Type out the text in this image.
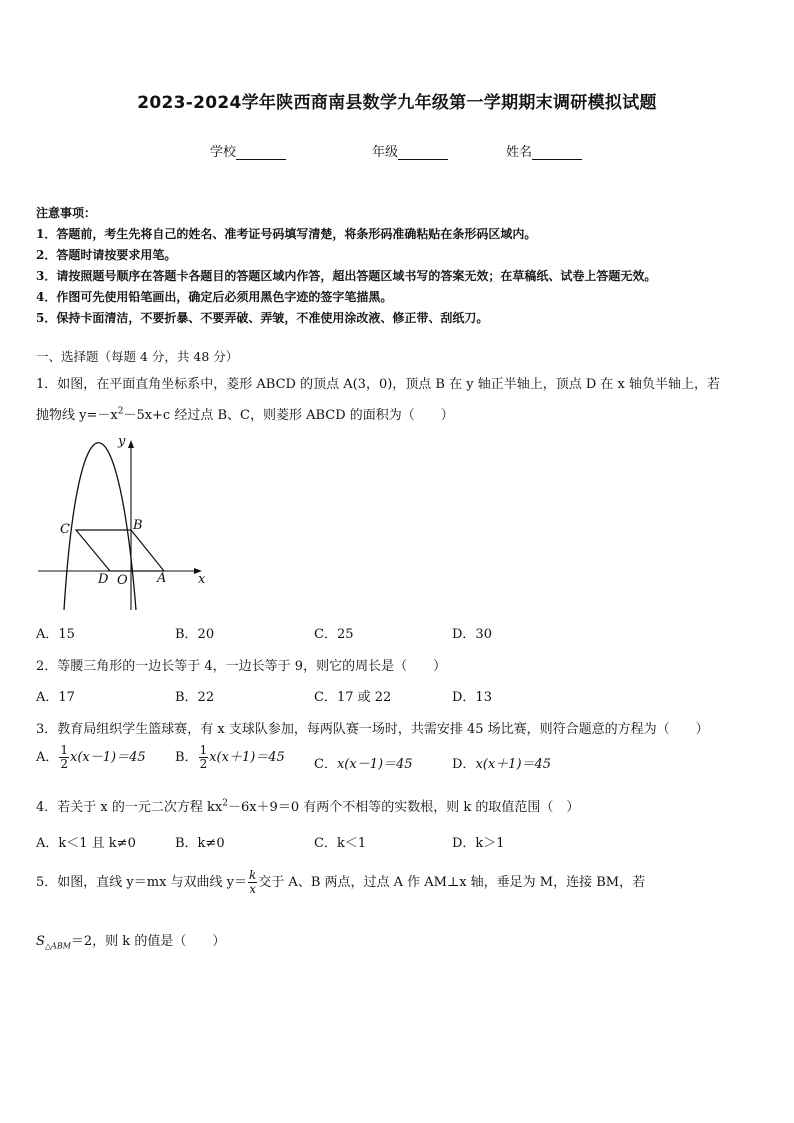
2023-2024学年陕西商南县数学九年级第一学期期末调研模拟试题
学校	年级	姓名
注意事项：
1．答题前，考生先将自己的姓名、准考证号码填写清楚，将条形码准确粘贴在条形码区域内。
2．答题时请按要求用笔。
3．请按照题号顺序在答题卡各题目的答题区域内作答，超出答题区域书写的答案无效；在草稿纸、试卷上答题无效。
4．作图可先使用铅笔画出，确定后必须用黑色字迹的签字笔描黑。
5．保持卡面清洁，不要折暴、不要弄破、弄皱，不准使用涂改液、修正带、刮纸刀。
一、选择题（每题 4 分，共 48 分）
1．如图，在平面直角坐标系中，菱形 ABCD 的顶点 A(3，0)，顶点 B 在 y 轴正半轴上，顶点 D 在 x 轴负半轴上，若
抛物线 $y=-x^2-5x+c$ 经过点 B、C，则菱形 ABCD 的面积为（　　）
y
x
C	B
D O A
A．15	B．20	C．25	D．30
2．等腰三角形的一边长等于 4，一边长等于 9，则它的周长是（　　）
A．17	B．22	C．17 或 22	D．13
3．教育局组织学生篮球赛，有 x 支球队参加，每两队赛一场时，共需安排 45 场比赛，则符合题意的方程为（　　）
A． $\frac{1}{2} x(x-1)=45$ B． $\frac{1}{2} x(x+1)=45$ C．x(x－1)＝45	D．x(x＋1)＝45
4．若关于 x 的一元二次方程 $kx^2-6x+9=0$ 有两个不相等的实数根，则 k 的取值范围（　）
A．k＜1 且 k≠0	B．k≠0	C．k＜1	D．k＞1
5．如图，直线 y＝mx 与双曲线 $y= \frac{k}{x}$ 交于 A、B 两点，过点 A 作 AM⊥x 轴，垂足为 M，连接 BM，若
$S_{\triangle ABM}=2$，则 k 的值是（　　）
